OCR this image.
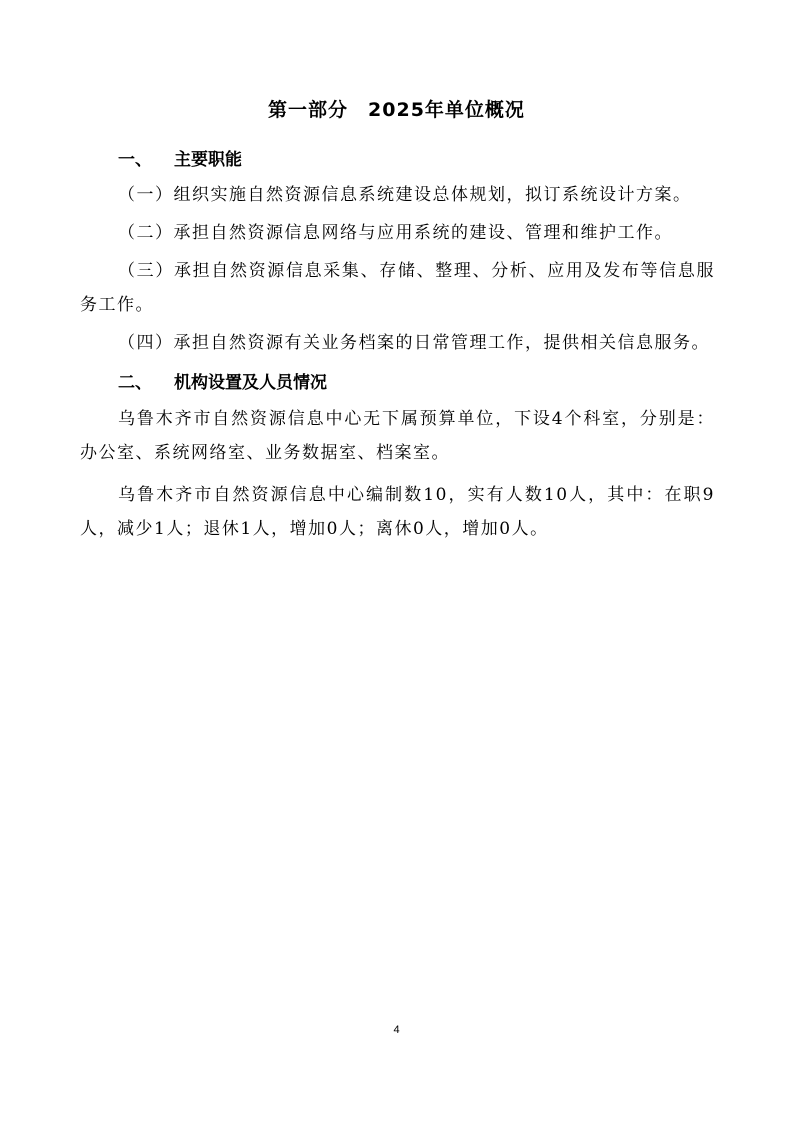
第一部分　2025年单位概况
一、 主要职能
（一）组织实施自然资源信息系统建设总体规划，拟订系统设计方案。
（二）承担自然资源信息网络与应用系统的建设、管理和维护工作。
（三）承担自然资源信息采集、存储、整理、分析、应用及发布等信息服务工作。
（四）承担自然资源有关业务档案的日常管理工作，提供相关信息服务。
二、 机构设置及人员情况
乌鲁木齐市自然资源信息中心无下属预算单位，下设4个科室，分别是：办公室、系统网络室、业务数据室、档案室。
乌鲁木齐市自然资源信息中心编制数10，实有人数10人，其中：在职9人，减少1人；退休1人，增加0人；离休0人，增加0人。
4
